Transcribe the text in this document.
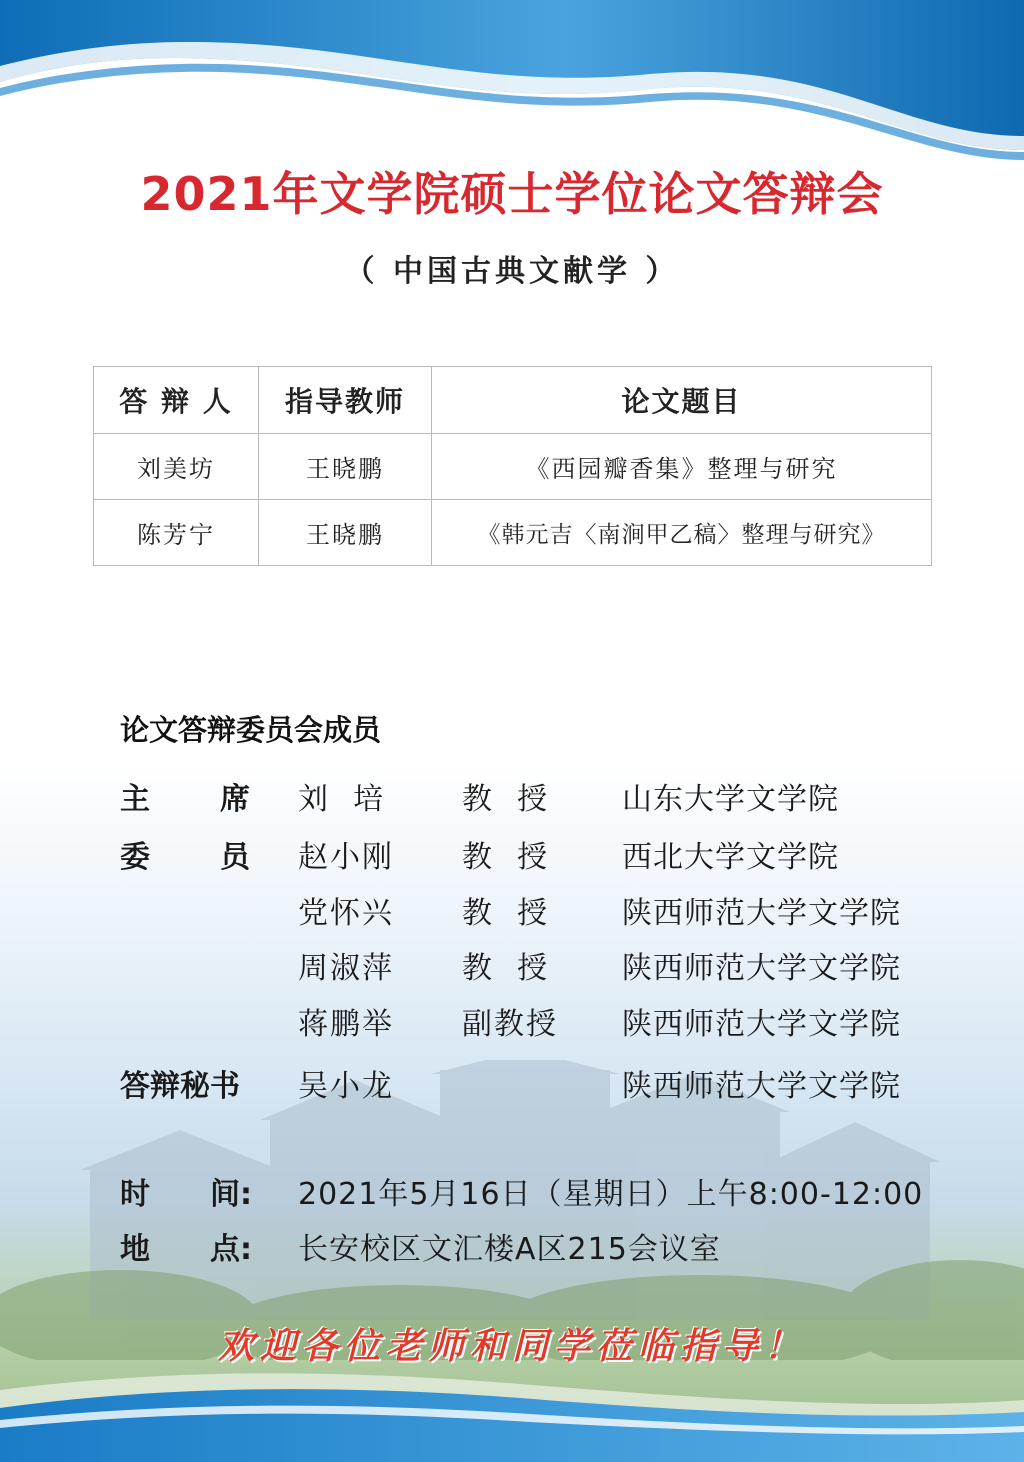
2021年文学院硕士学位论文答辩会
（ 中国古典文献学 ）
答 辩 人	指导教师	论文题目
刘美坊	王晓鹏	《西园瓣香集》整理与研究
陈芳宁	王晓鹏	《韩元吉〈南涧甲乙稿〉整理与研究》
论文答辩委员会成员
主 席 刘  培	教  授 山东大学文学院
委 员 赵小刚 教  授 西北大学文学院
党怀兴 教  授 陕西师范大学文学院
周淑萍 教  授 陕西师范大学文学院
蒋鹏举 副教授 陕西师范大学文学院
答辩秘书	吴小龙	陕西师范大学文学院
时 间: 2021年5月16日（星期日）上午8:00-12:00
地 点: 长安校区文汇楼A区215会议室
欢迎各位老师和同学莅临指导！
